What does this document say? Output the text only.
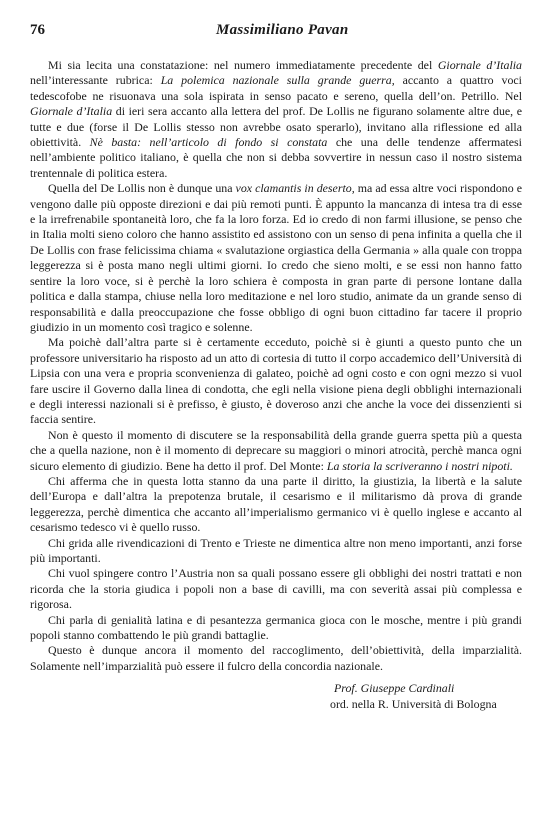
76	Massimiliano Pavan

Mi sia lecita una constatazione: nel numero immediatamente precedente del Giornale d’Italia nell’interessante rubrica: La polemica nazionale sulla grande guerra, accanto a quattro voci tedescofobe ne risuonava una sola ispirata in senso pacato e sereno, quella dell’on. Petrillo. Nel Giornale d’Italia di ieri sera accanto alla lettera del prof. De Lollis ne figurano solamente altre due, e tutte e due (forse il De Lollis stesso non avrebbe osato sperarlo), invitano alla riflessione ed alla obiettività. Nè basta: nell’articolo di fondo si constata che una delle tendenze affermatesi nell’ambiente politico italiano, è quella che non si debba sovvertire in nessun caso il nostro sistema trentennale di politica estera.

Quella del De Lollis non è dunque una vox clamantis in deserto, ma ad essa altre voci rispondono e vengono dalle più opposte direzioni e dai più remoti punti. È appunto la mancanza di intesa tra di esse e la irrefrenabile spontaneità loro, che fa la loro forza. Ed io credo di non farmi illusione, se penso che in Italia molti sieno coloro che hanno assistito ed assistono con un senso di pena infinita a quella che il De Lollis con frase felicissima chiama « svalutazione orgiastica della Germania » alla quale con troppa leggerezza si è posta mano negli ultimi giorni. Io credo che sieno molti, e se essi non hanno fatto sentire la loro voce, si è perchè la loro schiera è composta in gran parte di persone lontane dalla politica e dalla stampa, chiuse nella loro meditazione e nel loro studio, animate da un grande senso di responsabilità e dalla preoccupazione che fosse obbligo di ogni buon cittadino far tacere il proprio giudizio in un momento così tragico e solenne.

Ma poichè dall’altra parte si è certamente ecceduto, poichè si è giunti a questo punto che un professore universitario ha risposto ad un atto di cortesia di tutto il corpo accademico dell’Università di Lipsia con una vera e propria sconvenienza di galateo, poichè ad ogni costo e con ogni mezzo si vuol fare uscire il Governo dalla linea di condotta, che egli nella visione piena degli obblighi internazionali e degli interessi nazionali si è prefisso, è giusto, è doveroso anzi che anche la voce dei dissenzienti si faccia sentire.

Non è questo il momento di discutere se la responsabilità della grande guerra spetta più a questa che a quella nazione, non è il momento di deprecare su maggiori o minori atrocità, perchè manca ogni sicuro elemento di giudizio. Bene ha detto il prof. Del Monte: La storia la scriveranno i nostri nipoti.

Chi afferma che in questa lotta stanno da una parte il diritto, la giustizia, la libertà e la salute dell’Europa e dall’altra la prepotenza brutale, il cesarismo e il militarismo dà prova di grande leggerezza, perchè dimentica che accanto all’imperialismo germanico vi è quello inglese e accanto al cesarismo tedesco vi è quello russo.

Chi grida alle rivendicazioni di Trento e Trieste ne dimentica altre non meno importanti, anzi forse più importanti.

Chi vuol spingere contro l’Austria non sa quali possano essere gli obblighi dei nostri trattati e non ricorda che la storia giudica i popoli non a base di cavilli, ma con severità assai più complessa e rigorosa.

Chi parla di genialità latina e di pesantezza germanica gioca con le mosche, mentre i più grandi popoli stanno combattendo le più grandi battaglie.

Questo è dunque ancora il momento del raccoglimento, dell’obiettività, della imparzialità. Solamente nell’imparzialità può essere il fulcro della concordia nazionale.

Prof. Giuseppe Cardinali
ord. nella R. Università di Bologna
